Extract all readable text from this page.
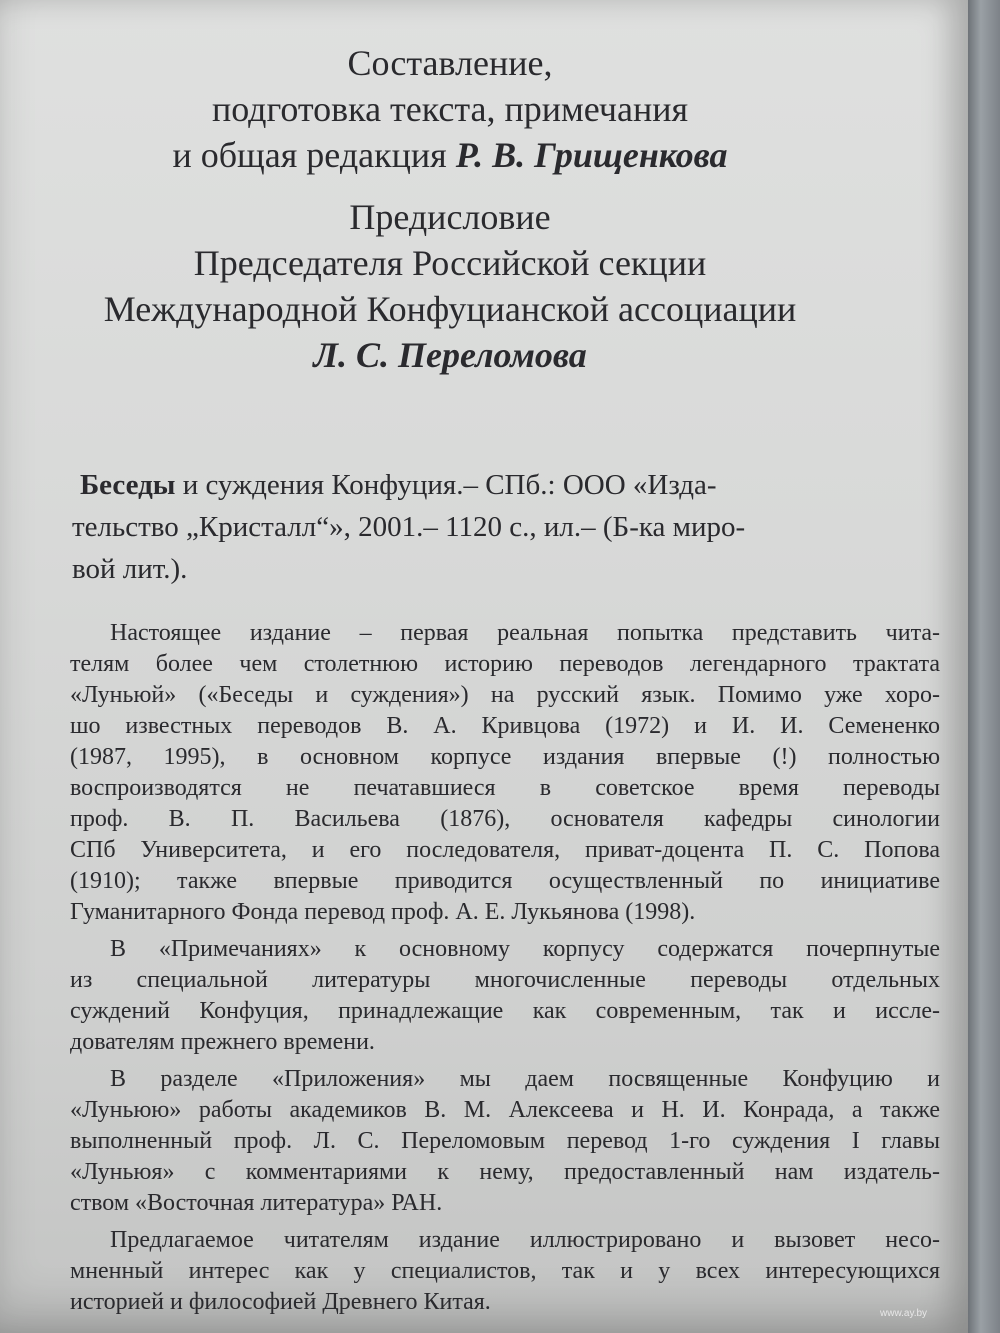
Составление,
подготовка текста, примечания
и общая редакция Р. В. Грищенкова
Предисловие
Председателя Российской секции
Международной Конфуцианской ассоциации
Л. С. Переломова
Беседы и суждения Конфуция.– СПб.: ООО «Изда-
тельство „Кристалл“», 2001.– 1120 с., ил.– (Б-ка миро-
вой лит.).
Настоящее издание – первая реальная попытка представить чита-
телям более чем столетнюю историю переводов легендарного трактата
«Луньюй» («Беседы и суждения») на русский язык. Помимо уже хоро-
шо известных переводов В. А. Кривцова (1972) и И. И. Семененко
(1987, 1995), в основном корпусе издания впервые (!) полностью
воспроизводятся не печатавшиеся в советское время переводы
проф. В. П. Васильева (1876), основателя кафедры синологии
СПб Университета, и его последователя, приват-доцента П. С. Попова
(1910); также впервые приводится осуществленный по инициативе
Гуманитарного Фонда перевод проф. А. Е. Лукьянова (1998).
В «Примечаниях» к основному корпусу содержатся почерпнутые
из специальной литературы многочисленные переводы отдельных
суждений Конфуция, принадлежащие как современным, так и иссле-
дователям прежнего времени.
В разделе «Приложения» мы даем посвященные Конфуцию и
«Луньюю» работы академиков В. М. Алексеева и Н. И. Конрада, а также
выполненный проф. Л. С. Переломовым перевод 1-го суждения I главы
«Луньюя» с комментариями к нему, предоставленный нам издатель-
ством «Восточная литература» РАН.
Предлагаемое читателям издание иллюстрировано и вызовет несо-
мненный интерес как у специалистов, так и у всех интересующихся
историей и философией Древнего Китая.	www.ay.by
